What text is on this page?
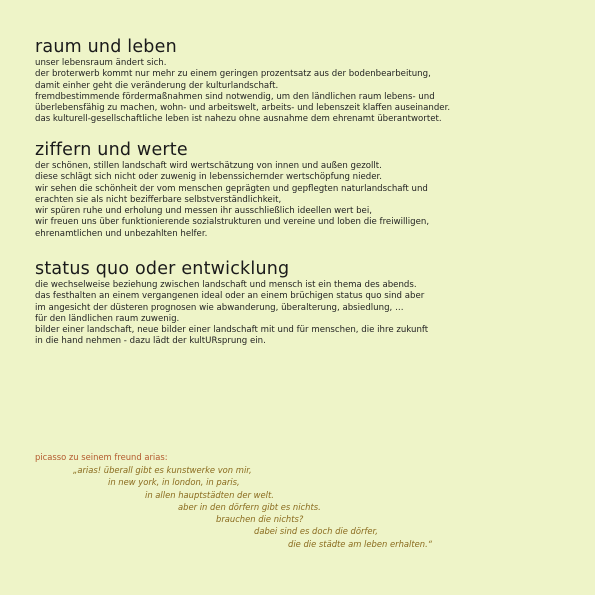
raum und leben
unser lebensraum ändert sich.
der broterwerb kommt nur mehr zu einem geringen prozentsatz aus der bodenbearbeitung,
damit einher geht die veränderung der kulturlandschaft.
fremdbestimmende fördermaßnahmen sind notwendig, um den ländlichen raum lebens- und
überlebensfähig zu machen, wohn- und arbeitswelt, arbeits- und lebenszeit klaffen auseinander.
das kulturell-gesellschaftliche leben ist nahezu ohne ausnahme dem ehrenamt überantwortet.
ziffern und werte
der schönen, stillen landschaft wird wertschätzung von innen und außen gezollt.
diese schlägt sich nicht oder zuwenig in lebenssichernder wertschöpfung nieder.
wir sehen die schönheit der vom menschen geprägten und gepflegten naturlandschaft und
erachten sie als nicht bezifferbare selbstverständlichkeit,
wir spüren ruhe und erholung und messen ihr ausschließlich ideellen wert bei,
wir freuen uns über funktionierende sozialstrukturen und vereine und loben die freiwilligen,
ehrenamtlichen und unbezahlten helfer.
status quo oder entwicklung
die wechselweise beziehung zwischen landschaft und mensch ist ein thema des abends.
das festhalten an einem vergangenen ideal oder an einem brüchigen status quo sind aber
im angesicht der düsteren prognosen wie abwanderung, überalterung, absiedlung, …
für den ländlichen raum zuwenig.
bilder einer landschaft, neue bilder einer landschaft mit und für menschen, die ihre zukunft
in die hand nehmen - dazu lädt der kultURsprung ein.
picasso zu seinem freund arias:
„arias! überall gibt es kunstwerke von mir,
in new york, in london, in paris,
in allen hauptstädten der welt.
aber in den dörfern gibt es nichts.
brauchen die nichts?
dabei sind es doch die dörfer,
die die städte am leben erhalten.“
